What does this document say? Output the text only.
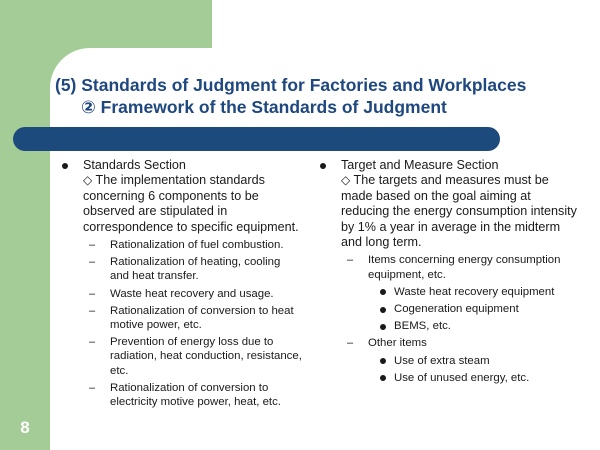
8
(5) Standards of Judgment for Factories and Workplaces
② Framework of the Standards of Judgment
Standards Section
◇ The implementation standards concerning 6 components to be observed are stipulated in correspondence to specific equipment.
– Rationalization of fuel combustion.
– Rationalization of heating, cooling and heat transfer.
– Waste heat recovery and usage.
– Rationalization of conversion to heat motive power, etc.
– Prevention of energy loss due to radiation, heat conduction, resistance, etc.
– Rationalization of conversion to electricity motive power, heat, etc.
Target and Measure Section
◇ The targets and measures must be made based on the goal aiming at reducing the energy consumption intensity by 1% a year in average in the midterm and long term.
– Items concerning energy consumption equipment, etc.
Waste heat recovery equipment
Cogeneration equipment
BEMS, etc.
– Other items
Use of extra steam
Use of unused energy, etc.
